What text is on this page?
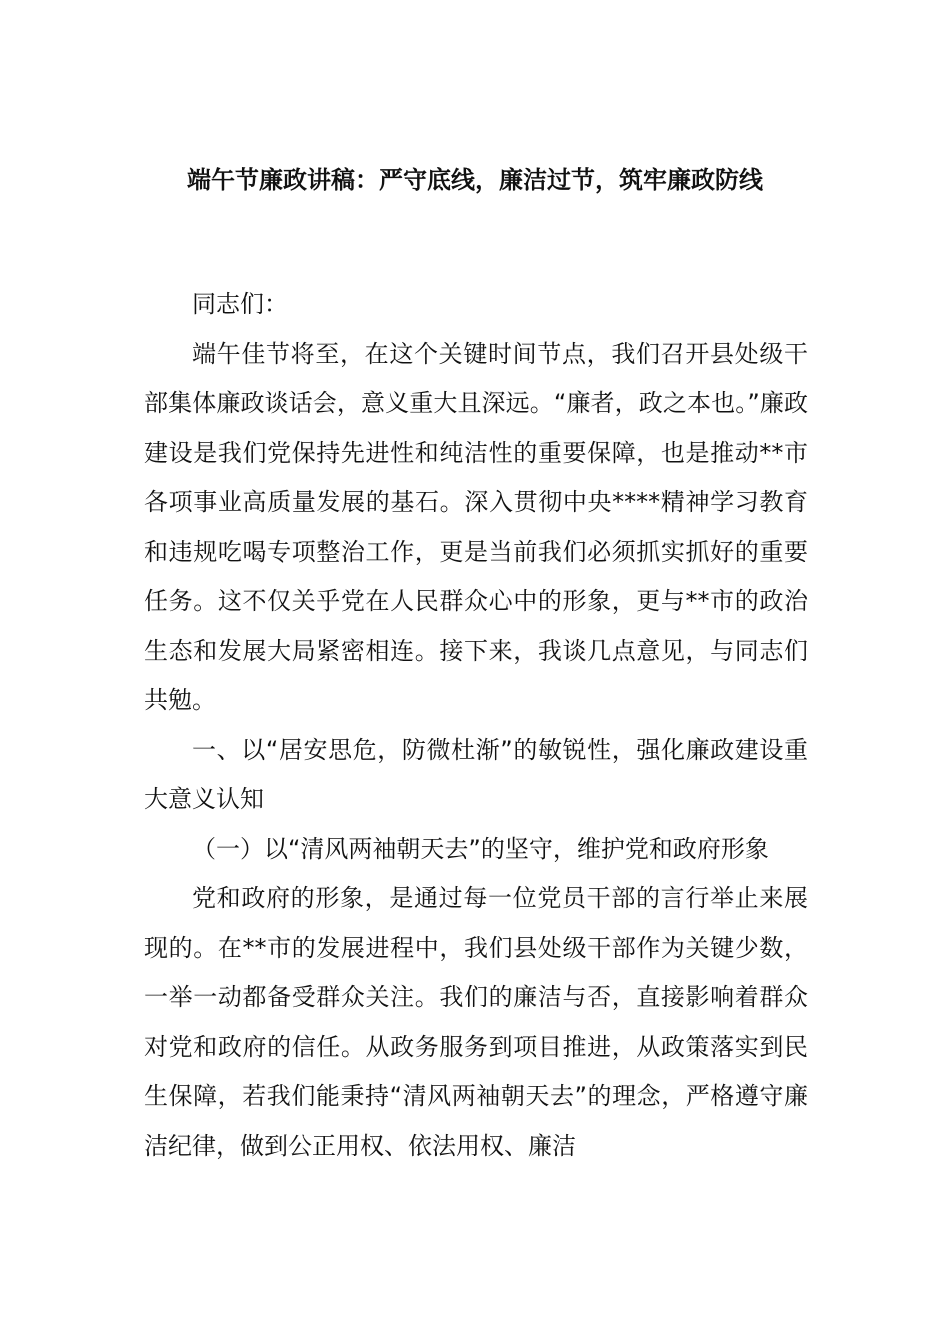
端午节廉政讲稿：严守底线，廉洁过节，筑牢廉政防线

同志们：

端午佳节将至，在这个关键时间节点，我们召开县处级干部集体廉政谈话会，意义重大且深远。“廉者，政之本也。”廉政建设是我们党保持先进性和纯洁性的重要保障，也是推动**市各项事业高质量发展的基石。深入贯彻中央****精神学习教育和违规吃喝专项整治工作，更是当前我们必须抓实抓好的重要任务。这不仅关乎党在人民群众心中的形象，更与**市的政治生态和发展大局紧密相连。接下来，我谈几点意见，与同志们共勉。

一、以“居安思危，防微杜渐”的敏锐性，强化廉政建设重大意义认知

（一）以“清风两袖朝天去”的坚守，维护党和政府形象

党和政府的形象，是通过每一位党员干部的言行举止来展现的。在**市的发展进程中，我们县处级干部作为关键少数，一举一动都备受群众关注。我们的廉洁与否，直接影响着群众对党和政府的信任。从政务服务到项目推进，从政策落实到民生保障，若我们能秉持“清风两袖朝天去”的理念，严格遵守廉洁纪律，做到公正用权、依法用权、廉洁
